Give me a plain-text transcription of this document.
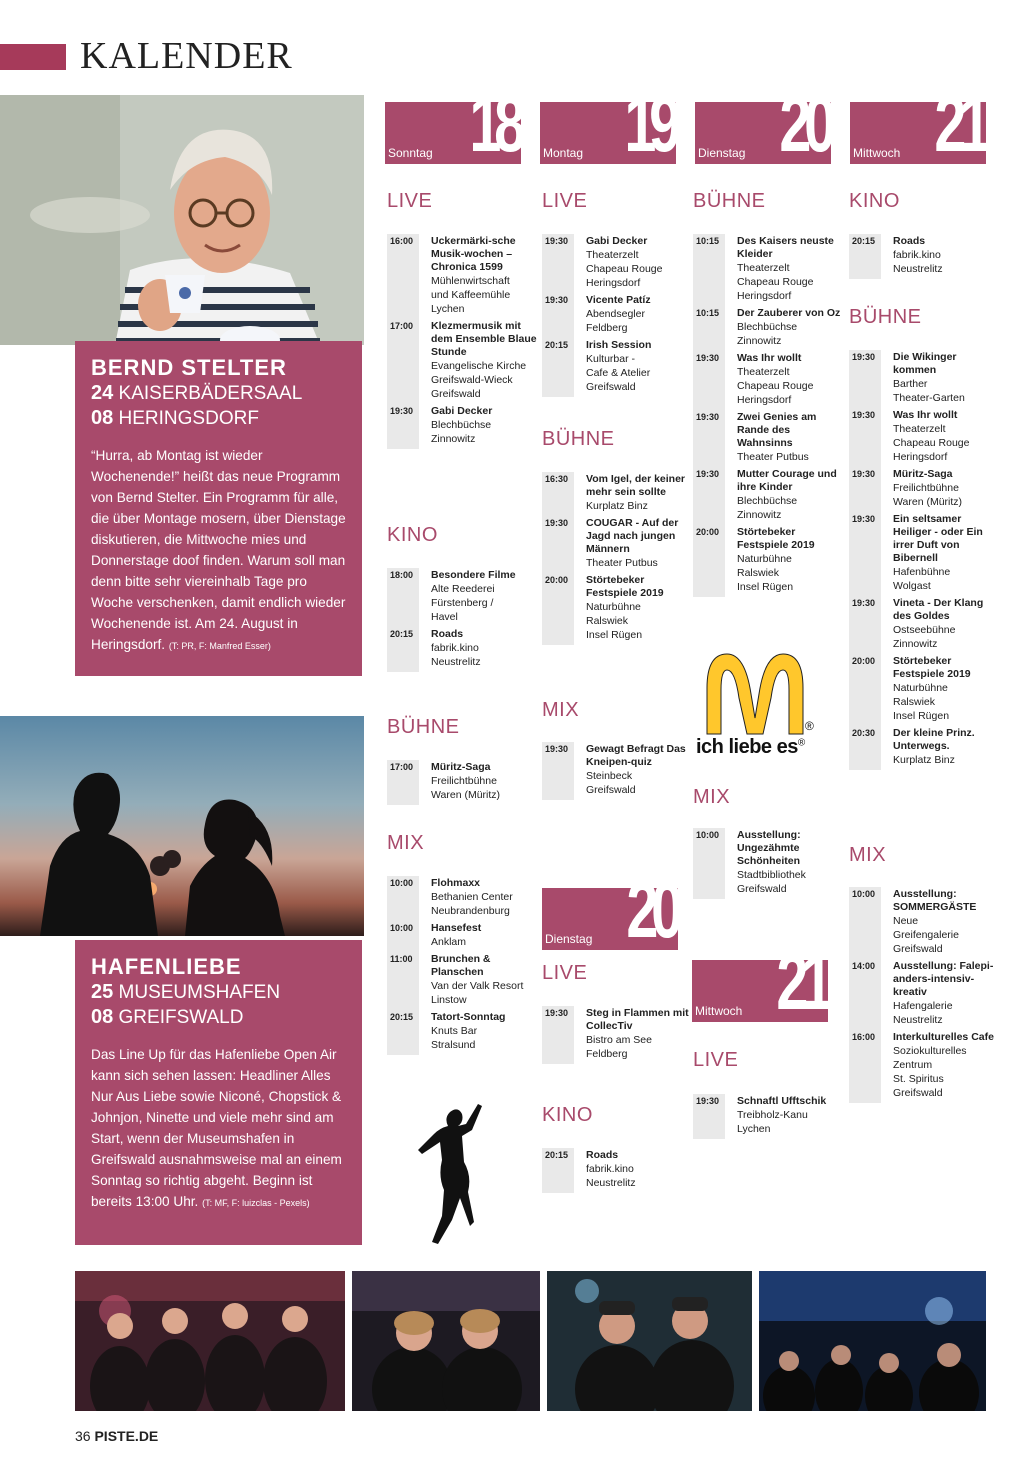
KALENDER
BERND STELTER
24 KAISERBÄDERSAAL
08 HERINGSDORF

“Hurra, ab Montag ist wieder Wochenende!” heißt das neue Programm von Bernd Stelter. Ein Programm für alle, die über Montage mosern, über Dienstage diskutieren, die Mittwoche mies und Donnerstage doof finden. Warum soll man denn bitte sehr viereinhalb Tage pro Woche verschenken, damit endlich wieder Wochenende ist. Am 24. August in Heringsdorf. (T: PR, F: Manfred Esser)

HAFENLIEBE
25 MUSEUMSHAFEN
08 GREIFSWALD

Das Line Up für das Hafenliebe Open Air kann sich sehen lassen: Headliner Alles Nur Aus Liebe sowie Niconé, Chopstick & Johnjon, Ninette und viele mehr sind am Start, wenn der Museumshafen in Greifswald ausnahmsweise mal an einem Sonntag so richtig abgeht. Beginn ist bereits 13:00 Uhr. (T: MF, F: luizclas - Pexels)

Sonntag 18 Montag 19 Dienstag 20 Mittwoch 21
Dienstag 20
Mittwoch 21
LIVE
KINO
BÜHNE
MIX
LIVE
BÜHNE
MIX
LIVE
KINO
BÜHNE
MIX
LIVE
KINO
BÜHNE
MIX
16:00	Uckermärki-sche Musik-wochen – Chronica 1599
Mühlenwirtschaft
und Kaffeemühle
Lychen
17:00	Klezmermusik mit dem Ensemble Blaue Stunde
Evangelische Kirche
Greifswald-Wieck
Greifswald
19:30	Gabi Decker
Blechbüchse
Zinnowitz
18:00	Besondere Filme
Alte Reederei
Fürstenberg /
Havel
20:15	Roads
fabrik.kino
Neustrelitz
17:00	Müritz-Saga
Freilichtbühne
Waren (Müritz)
10:00	Flohmaxx
Bethanien Center
Neubrandenburg
10:00	Hansefest
Anklam
11:00	Brunchen & Planschen
Van der Valk Resort
Linstow
20:15	Tatort-Sonntag
Knuts Bar
Stralsund
19:30	Gabi Decker
Theaterzelt
Chapeau Rouge
Heringsdorf
19:30	Vicente Patíz
Abendsegler
Feldberg
20:15	Irish Session
Kulturbar -
Cafe & Atelier
Greifswald
16:30	Vom Igel, der keiner mehr sein sollte
Kurplatz Binz
19:30	COUGAR - Auf der Jagd nach jungen Männern
Theater Putbus
20:00	Störtebeker Festspiele 2019
Naturbühne
Ralswiek
Insel Rügen
19:30	Gewagt Befragt Das Kneipen-quiz
Steinbeck
Greifswald
19:30	Steg in Flammen mit CollecTiv
Bistro am See
Feldberg
20:15	Roads
fabrik.kino
Neustrelitz
10:15	Des Kaisers neuste Kleider
Theaterzelt
Chapeau Rouge
Heringsdorf
10:15	Der Zauberer von Oz
Blechbüchse
Zinnowitz
19:30	Was Ihr wollt
Theaterzelt
Chapeau Rouge
Heringsdorf
19:30	Zwei Genies am Rande des Wahnsinns
Theater Putbus
19:30	Mutter Courage und ihre Kinder
Blechbüchse
Zinnowitz
20:00	Störtebeker Festspiele 2019
Naturbühne
Ralswiek
Insel Rügen
10:00	Ausstellung: Ungezähmte Schönheiten
Stadtbibliothek
Greifswald
19:30	Schnaftl Ufftschik
Treibholz-Kanu
Lychen
20:15	Roads
fabrik.kino
Neustrelitz
19:30	Die Wikinger kommen
Barther
Theater-Garten
19:30	Was Ihr wollt
Theaterzelt
Chapeau Rouge
Heringsdorf
19:30	Müritz-Saga
Freilichtbühne
Waren (Müritz)
19:30	Ein seltsamer Heiliger - oder Ein irrer Duft von Bibernell
Hafenbühne
Wolgast
19:30	Vineta - Der Klang des Goldes
Ostseebühne
Zinnowitz
20:00	Störtebeker Festspiele 2019
Naturbühne
Ralswiek
Insel Rügen
20:30	Der kleine Prinz. Unterwegs.
Kurplatz Binz
10:00	Ausstellung: SOMMERGÄSTE
Neue
Greifengalerie
Greifswald
14:00	Ausstellung: Falepi-anders-intensiv-kreativ
Hafengalerie
Neustrelitz
16:00	Interkulturelles Cafe
Soziokulturelles
Zentrum
St. Spiritus
Greifswald
®
ich liebe es®
36 PISTE.DE
